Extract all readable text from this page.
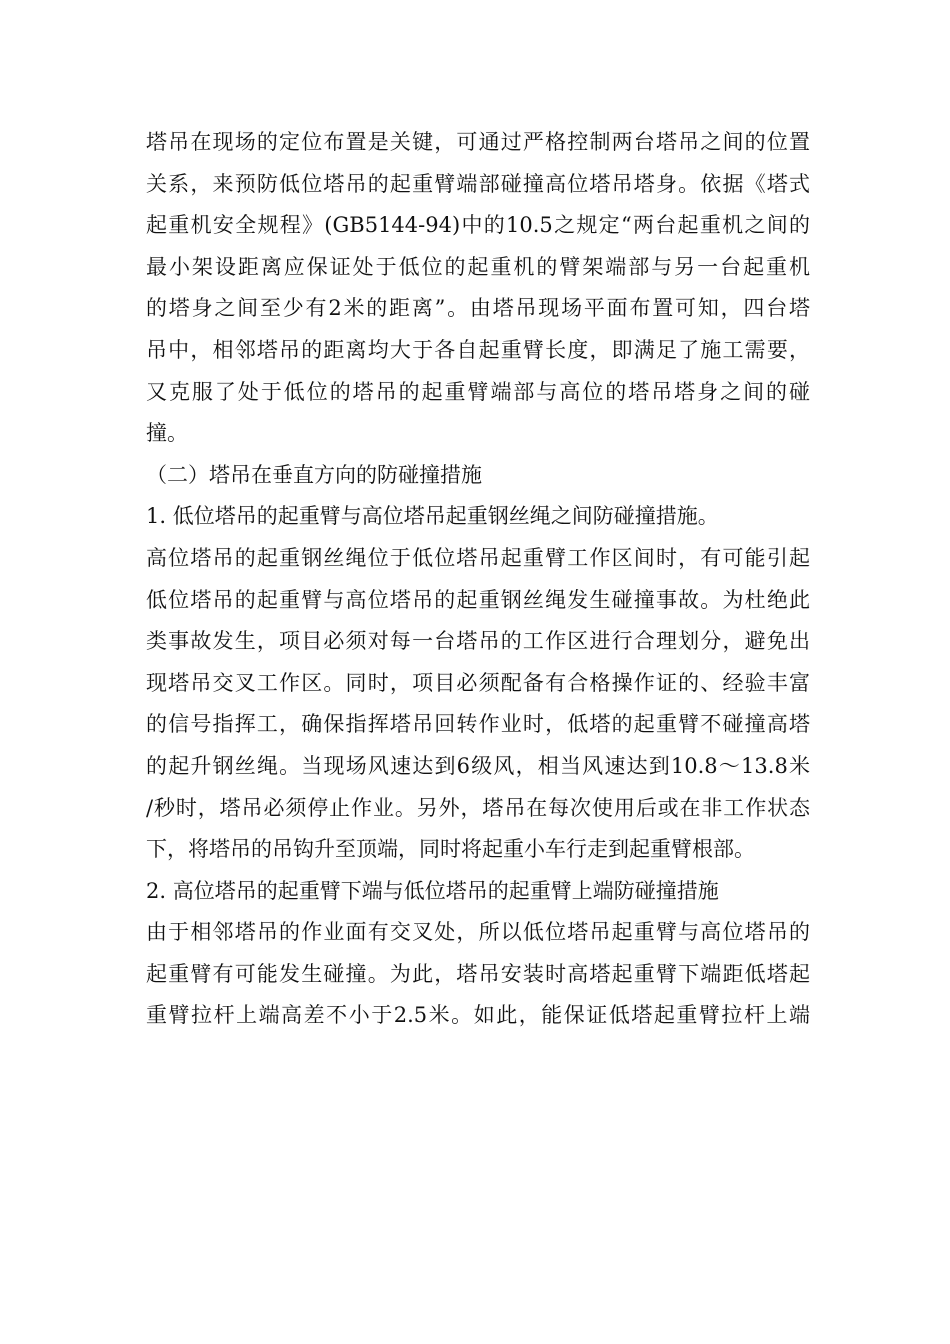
塔吊在现场的定位布置是关键，可通过严格控制两台塔吊之间的位置
关系，来预防低位塔吊的起重臂端部碰撞高位塔吊塔身。依据《塔式
起重机安全规程》(GB5144-94)中的10.5之规定“两台起重机之间的
最小架设距离应保证处于低位的起重机的臂架端部与另一台起重机
的塔身之间至少有2米的距离”。由塔吊现场平面布置可知，四台塔
吊中，相邻塔吊的距离均大于各自起重臂长度，即满足了施工需要，
又克服了处于低位的塔吊的起重臂端部与高位的塔吊塔身之间的碰
撞。
（二）塔吊在垂直方向的防碰撞措施
1. 低位塔吊的起重臂与高位塔吊起重钢丝绳之间防碰撞措施。
高位塔吊的起重钢丝绳位于低位塔吊起重臂工作区间时，有可能引起
低位塔吊的起重臂与高位塔吊的起重钢丝绳发生碰撞事故。为杜绝此
类事故发生，项目必须对每一台塔吊的工作区进行合理划分，避免出
现塔吊交叉工作区。同时，项目必须配备有合格操作证的、经验丰富
的信号指挥工，确保指挥塔吊回转作业时，低塔的起重臂不碰撞高塔
的起升钢丝绳。当现场风速达到6级风，相当风速达到10.8～13.8米
/秒时，塔吊必须停止作业。另外，塔吊在每次使用后或在非工作状态
下，将塔吊的吊钩升至顶端，同时将起重小车行走到起重臂根部。
2. 高位塔吊的起重臂下端与低位塔吊的起重臂上端防碰撞措施
由于相邻塔吊的作业面有交叉处，所以低位塔吊起重臂与高位塔吊的
起重臂有可能发生碰撞。为此，塔吊安装时高塔起重臂下端距低塔起
重臂拉杆上端高差不小于2.5米。如此，能保证低塔起重臂拉杆上端
